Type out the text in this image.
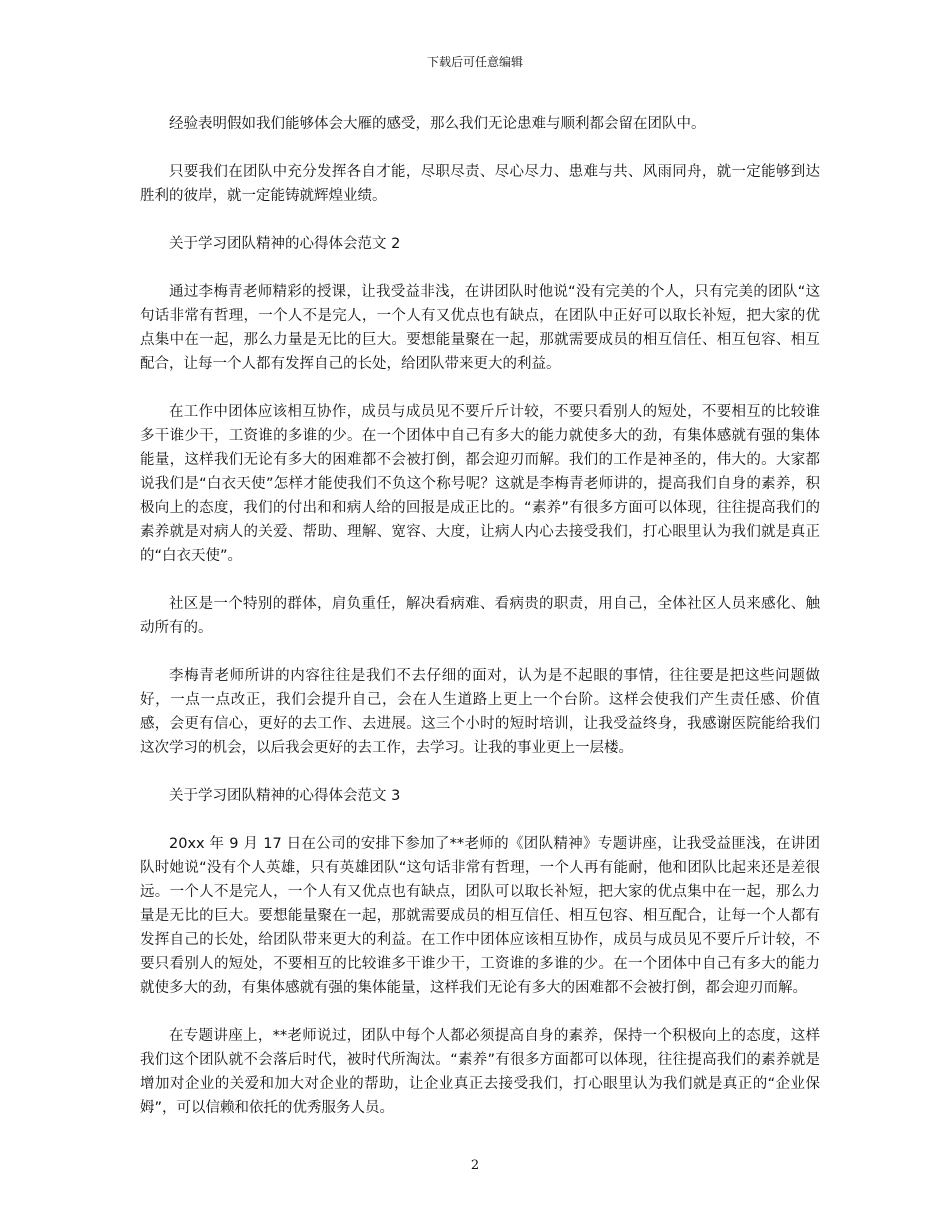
下载后可任意编辑

经验表明假如我们能够体会大雁的感受，那么我们无论患难与顺利都会留在团队中。

只要我们在团队中充分发挥各自才能，尽职尽责、尽心尽力、患难与共、风雨同舟，就一定能够到达胜利的彼岸，就一定能铸就辉煌业绩。

关于学习团队精神的心得体会范文 2

通过李梅青老师精彩的授课，让我受益非浅，在讲团队时他说“没有完美的个人，只有完美的团队“这句话非常有哲理，一个人不是完人，一个人有又优点也有缺点，在团队中正好可以取长补短，把大家的优点集中在一起，那么力量是无比的巨大。要想能量聚在一起，那就需要成员的相互信任、相互包容、相互配合，让每一个人都有发挥自己的长处，给团队带来更大的利益。

在工作中团体应该相互协作，成员与成员见不要斤斤计较，不要只看别人的短处，不要相互的比较谁多干谁少干，工资谁的多谁的少。在一个团体中自己有多大的能力就使多大的劲，有集体感就有强的集体能量，这样我们无论有多大的困难都不会被打倒，都会迎刃而解。我们的工作是神圣的，伟大的。大家都说我们是“白衣天使”怎样才能使我们不负这个称号呢？这就是李梅青老师讲的，提高我们自身的素养，积极向上的态度，我们的付出和和病人给的回报是成正比的。“素养”有很多方面可以体现，往往提高我们的素养就是对病人的关爱、帮助、理解、宽容、大度，让病人内心去接受我们，打心眼里认为我们就是真正的“白衣天使”。

社区是一个特别的群体，肩负重任，解决看病难、看病贵的职责，用自己，全体社区人员来感化、触动所有的。

李梅青老师所讲的内容往往是我们不去仔细的面对，认为是不起眼的事情，往往要是把这些问题做好，一点一点改正，我们会提升自己，会在人生道路上更上一个台阶。这样会使我们产生责任感、价值感，会更有信心，更好的去工作、去进展。这三个小时的短时培训，让我受益终身，我感谢医院能给我们这次学习的机会，以后我会更好的去工作，去学习。让我的事业更上一层楼。

关于学习团队精神的心得体会范文 3

20xx 年 9 月 17 日在公司的安排下参加了**老师的《团队精神》专题讲座，让我受益匪浅，在讲团队时她说“没有个人英雄，只有英雄团队“这句话非常有哲理，一个人再有能耐，他和团队比起来还是差很远。一个人不是完人，一个人有又优点也有缺点，团队可以取长补短，把大家的优点集中在一起，那么力量是无比的巨大。要想能量聚在一起，那就需要成员的相互信任、相互包容、相互配合，让每一个人都有发挥自己的长处，给团队带来更大的利益。在工作中团体应该相互协作，成员与成员见不要斤斤计较，不要只看别人的短处，不要相互的比较谁多干谁少干，工资谁的多谁的少。在一个团体中自己有多大的能力就使多大的劲，有集体感就有强的集体能量，这样我们无论有多大的困难都不会被打倒，都会迎刃而解。

在专题讲座上，**老师说过，团队中每个人都必须提高自身的素养，保持一个积极向上的态度，这样我们这个团队就不会落后时代，被时代所淘汰。“素养”有很多方面都可以体现，往往提高我们的素养就是增加对企业的关爱和加大对企业的帮助，让企业真正去接受我们，打心眼里认为我们就是真正的“企业保姆”，可以信赖和依托的优秀服务人员。

2
